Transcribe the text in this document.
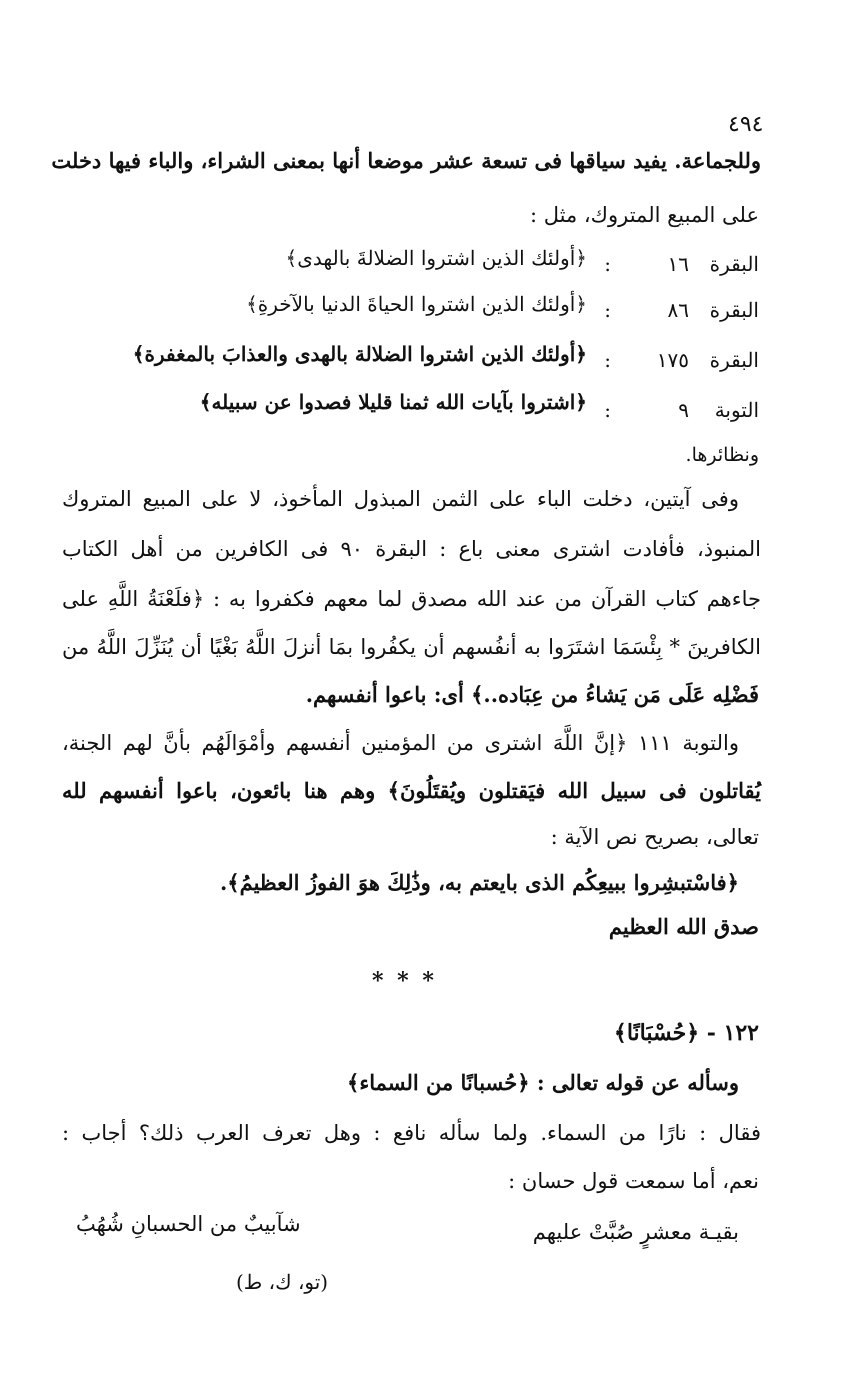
٤٩٤
وللجماعة. يفيد سياقها فى تسعة عشر موضعا أنها بمعنى الشراء، والباء فيها دخلت
على المبيع المتروك، مثل :
البقرة
١٦
:
﴿أولئك الذين اشتروا الضلالةَ بالهدى﴾
البقرة
٨٦
:
﴿أولئك الذين اشتروا الحياةَ الدنيا بالآخرةِ﴾
البقرة
١٧٥
:
﴿أولئك الذين اشتروا الضلالة بالهدى والعذابَ بالمغفرة﴾
التوبة
٩
:
﴿اشتروا بآيات الله ثمنا قليلا فصدوا عن سبيله﴾
ونظائرها.
وفى آيتين، دخلت الباء على الثمن المبذول المأخوذ، لا على المبيع المتروك
المنبوذ، فأفادت اشترى معنى باع : البقرة ٩٠ فى الكافرين من أهل الكتاب
جاءهم كتاب القرآن من عند الله مصدق لما معهم فكفروا به : ﴿فلَعْنَةُ اللَّهِ على
الكافرينَ * بِئْسَمَا اشتَرَوا به أنفُسهم أن يكفُروا بمَا أنزلَ اللَّهُ بَغْيًا أن يُنَزِّلَ اللَّهُ من
فَضْلِه عَلَى مَن يَشاءُ من عِبَاده..﴾ أى: باعوا أنفسهم.
والتوبة ١١١ ﴿إنَّ اللَّهَ اشترى من المؤمنين أنفسهم وأمْوَالَهُم بأنَّ لهم الجنة،
يُقاتلون فى سبيل الله فيَقتلون ويُقتَلُونَ﴾ وهم هنا بائعون، باعوا أنفسهم لله
تعالى، بصريح نص الآية :
﴿فاسْتبشِروا ببيعِكُم الذى بايعتم به، وذَٰلِكَ هوَ الفوزُ العظيمُ﴾.
صدق الله العظيم
* * *
١٢٢ - ﴿حُسْبَانًا﴾
وسأله عن قوله تعالى : ﴿حُسبانًا من السماء﴾
فقال : نارًا من السماء. ولما سأله نافع : وهل تعرف العرب ذلك؟ أجاب :
نعم، أما سمعت قول حسان :
بقيـة معشرٍ صُبَّتْ عليهم
شآبيبٌ من الحسبانِ شُهُبُ
(تو، ك، ط)
